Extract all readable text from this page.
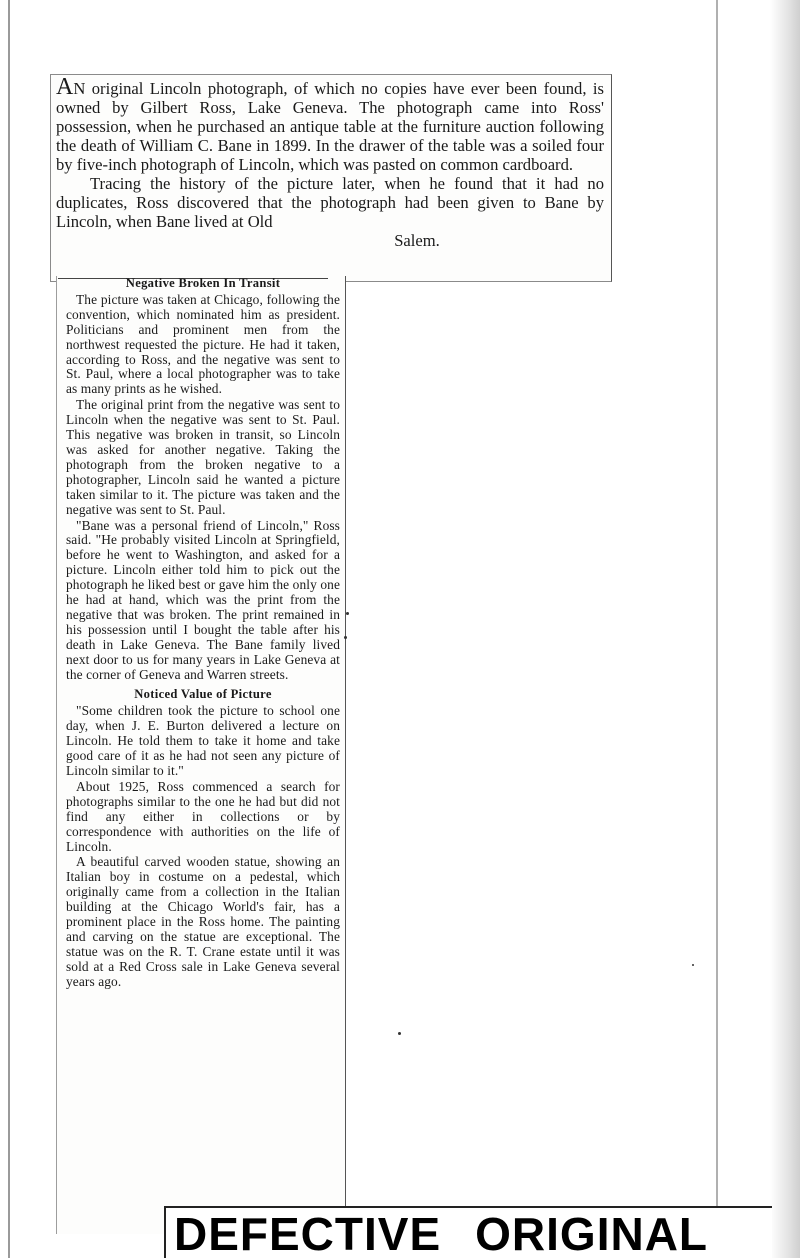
AN original Lincoln photograph, of which no copies have ever been found, is owned by Gilbert Ross, Lake Geneva. The photograph came into Ross' possession, when he purchased an antique table at the furniture auction following the death of William C. Bane in 1899. In the drawer of the table was a soiled four by five-inch photograph of Lincoln, which was pasted on common cardboard.

Tracing the history of the picture later, when he found that it had no duplicates, Ross discovered that the photograph had been given to Bane by Lincoln, when Bane lived at Old
Salem.

Negative Broken In Transit

The picture was taken at Chicago, following the convention, which nominated him as president. Politicians and prominent men from the northwest requested the picture. He had it taken, according to Ross, and the negative was sent to St. Paul, where a local photographer was to take as many prints as he wished.

The original print from the negative was sent to Lincoln when the negative was sent to St. Paul. This negative was broken in transit, so Lincoln was asked for another negative. Taking the photograph from the broken negative to a photographer, Lincoln said he wanted a picture taken similar to it. The picture was taken and the negative was sent to St. Paul.

"Bane was a personal friend of Lincoln," Ross said. "He probably visited Lincoln at Springfield, before he went to Washington, and asked for a picture. Lincoln either told him to pick out the photograph he liked best or gave him the only one he had at hand, which was the print from the negative that was broken. The print remained in his possession until I bought the table after his death in Lake Geneva. The Bane family lived next door to us for many years in Lake Geneva at the corner of Geneva and Warren streets.

Noticed Value of Picture

"Some children took the picture to school one day, when J. E. Burton delivered a lecture on Lincoln. He told them to take it home and take good care of it as he had not seen any picture of Lincoln similar to it."

About 1925, Ross commenced a search for photographs similar to the one he had but did not find any either in collections or by correspondence with authorities on the life of Lincoln.

A beautiful carved wooden statue, showing an Italian boy in costume on a pedestal, which originally came from a collection in the Italian building at the Chicago World's fair, has a prominent place in the Ross home. The painting and carving on the statue are exceptional. The statue was on the R. T. Crane estate until it was sold at a Red Cross sale in Lake Geneva several years ago.

DEFECTIVE ORIGINAL
